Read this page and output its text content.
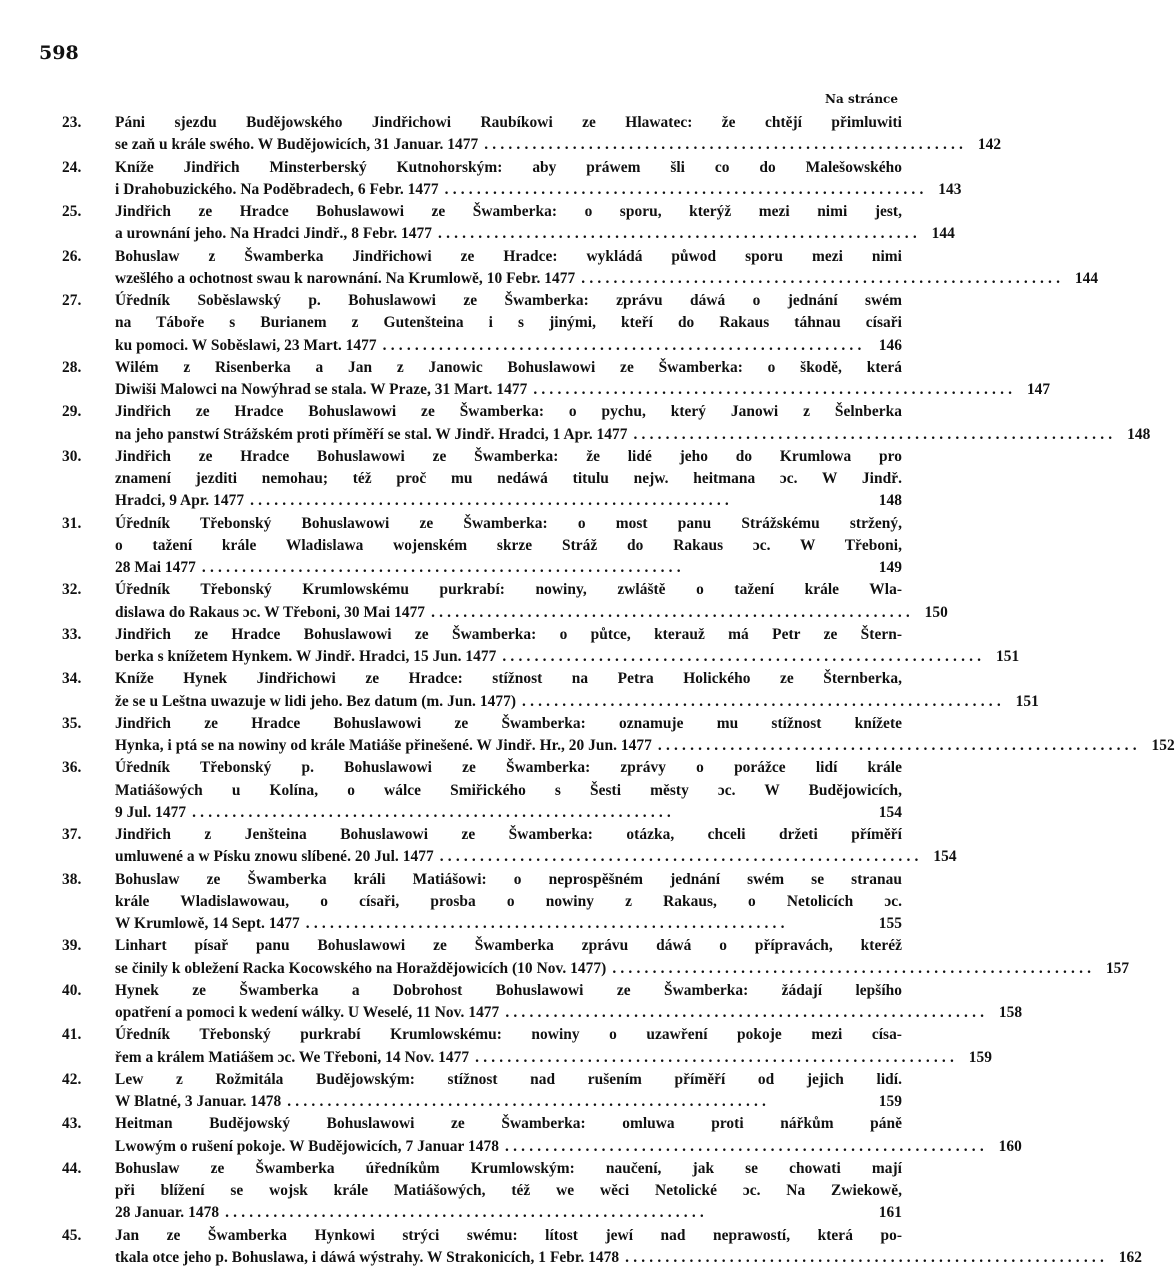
598
Na stránce
23.	Páni sjezdu Budějowského Jindřichowi Raubíkowi ze Hlawatec: že chtějí přimluwiti
se zaň u krále swého. W Budějowicích, 31 Januar. 1477 ............................................................ 142
24.	Kníže Jindřich Minsterberský Kutnohorským: aby práwem šli co do Malešowského
i Drahobuzického. Na Poděbradech, 6 Febr. 1477 ............................................................ 143
25.	Jindřich ze Hradce Bohuslawowi ze Šwamberka: o sporu, kterýž mezi nimi jest,
a urownání jeho. Na Hradci Jindř., 8 Febr. 1477 ............................................................ 144
26.	Bohuslaw z Šwamberka Jindřichowi ze Hradce: wykládá půwod sporu mezi nimi
wzešlého a ochotnost swau k narownání. Na Krumlowě, 10 Febr. 1477 ............................................................ 144
27.	Úředník Soběslawský p. Bohuslawowi ze Šwamberka: zprávu dáwá o jednání swém
na Táboře s Burianem z Gutenšteina i s jinými, kteří do Rakaus táhnau císaři
ku pomoci. W Soběslawi, 23 Mart. 1477 ............................................................ 146
28.	Wilém z Risenberka a Jan z Janowic Bohuslawowi ze Šwamberka: o škodě, která
Diwiši Malowci na Nowýhrad se stala. W Praze, 31 Mart. 1477 ............................................................ 147
29.	Jindřich ze Hradce Bohuslawowi ze Šwamberka: o pychu, který Janowi z Šelnberka
na jeho panstwí Strážském proti příměří se stal. W Jindř. Hradci, 1 Apr. 1477 ............................................................ 148
30.	Jindřich ze Hradce Bohuslawowi ze Šwamberka: že lidé jeho do Krumlowa pro
znamení jezditi nemohau; též proč mu nedáwá titulu nejw. heitmana ɔc. W Jindř.
Hradci, 9 Apr. 1477 ............................................................	148
31.	Úředník Třebonský Bohuslawowi ze Šwamberka: o most panu Strážskému stržený,
o tažení krále Wladislawa wojenském skrze Stráž do Rakaus ɔc. W Třeboni,
28 Mai 1477 ............................................................	149
32.	Úředník Třebonský Krumlowskému purkrabí: nowiny, zwláště o tažení krále Wla-
dislawa do Rakaus ɔc. W Třeboni, 30 Mai 1477 ............................................................ 150
33.	Jindřich ze Hradce Bohuslawowi ze Šwamberka: o půtce, kterauž má Petr ze Štern-
berka s knížetem Hynkem. W Jindř. Hradci, 15 Jun. 1477 ............................................................ 151
34.	Kníže Hynek Jindřichowi ze Hradce: stížnost na Petra Holického ze Šternberka,
že se u Leštna uwazuje w lidi jeho. Bez datum (m. Jun. 1477) ............................................................ 151
35.	Jindřich ze Hradce Bohuslawowi ze Šwamberka: oznamuje mu stížnost knížete
Hynka, i ptá se na nowiny od krále Matiáše přinešené. W Jindř. Hr., 20 Jun. 1477 ............................................................ 152
36.	Úředník Třebonský p. Bohuslawowi ze Šwamberka: zprávy o porážce lidí krále
Matiášowých u Kolína, o wálce Smiřického s Šesti městy ɔc. W Budějowicích,
9 Jul. 1477 ............................................................	154
37.	Jindřich z Jenšteina Bohuslawowi ze Šwamberka: otázka, chceli držeti příměří
umluwené a w Písku znowu slíbené. 20 Jul. 1477 ............................................................ 154
38.	Bohuslaw ze Šwamberka králi Matiášowi: o neprospěšném jednání swém se stranau
krále Wladislawowau, o císaři, prosba o nowiny z Rakaus, o Netolicích ɔc.
W Krumlowě, 14 Sept. 1477 ............................................................	155
39.	Linhart písař panu Bohuslawowi ze Šwamberka zprávu dáwá o přípravách, kteréž
se činily k obležení Racka Kocowského na Horaždějowicích (10 Nov. 1477) ............................................................ 157
40.	Hynek ze Šwamberka a Dobrohost Bohuslawowi ze Šwamberka: žádají lepšího
opatření a pomoci k wedení wálky. U Weselé, 11 Nov. 1477 ............................................................ 158
41.	Úředník Třebonský purkrabí Krumlowskému: nowiny o uzawření pokoje mezi císa-
řem a králem Matiášem ɔc. We Třeboni, 14 Nov. 1477 ............................................................ 159
42.	Lew z Rožmitála Budějowským: stížnost nad rušením příměří od jejich lidí.
W Blatné, 3 Januar. 1478 ............................................................	159
43.	Heitman Budějowský Bohuslawowi ze Šwamberka: omluwa proti nářkům páně
Lwowým o rušení pokoje. W Budějowicích, 7 Januar 1478 ............................................................ 160
44.	Bohuslaw ze Šwamberka úředníkům Krumlowským: naučení, jak se chowati mají
při blížení se wojsk krále Matiášowých, též we wěci Netolické ɔc. Na Zwiekowě,
28 Januar. 1478 ............................................................	161
45.	Jan ze Šwamberka Hynkowi strýci swému: lítost jewí nad neprawostí, která po-
tkala otce jeho p. Bohuslawa, i dáwá wýstrahy. W Strakonicích, 1 Febr. 1478 ............................................................ 162
